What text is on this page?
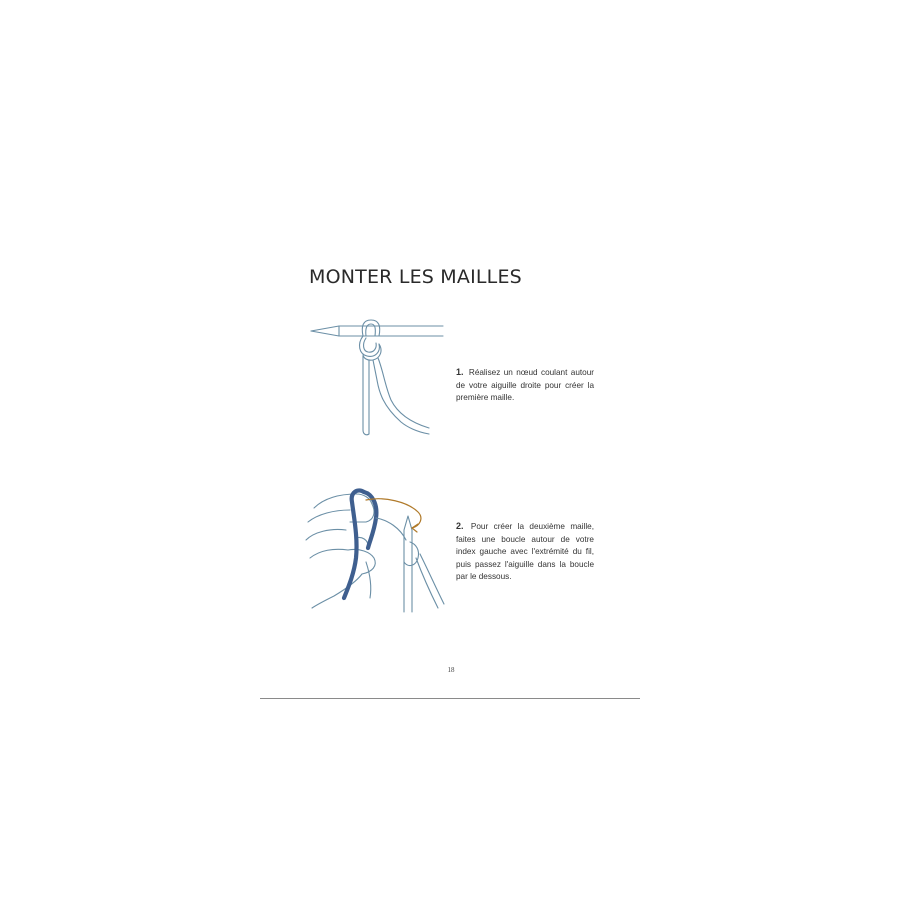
MONTER LES MAILLES
1. Réalisez un nœud coulant autour de votre aiguille droite pour créer la première maille.
2. Pour créer la deuxième maille, faites une boucle autour de votre index gauche avec l'extrémité du fil, puis passez l'aiguille dans la boucle par le dessous.
18
